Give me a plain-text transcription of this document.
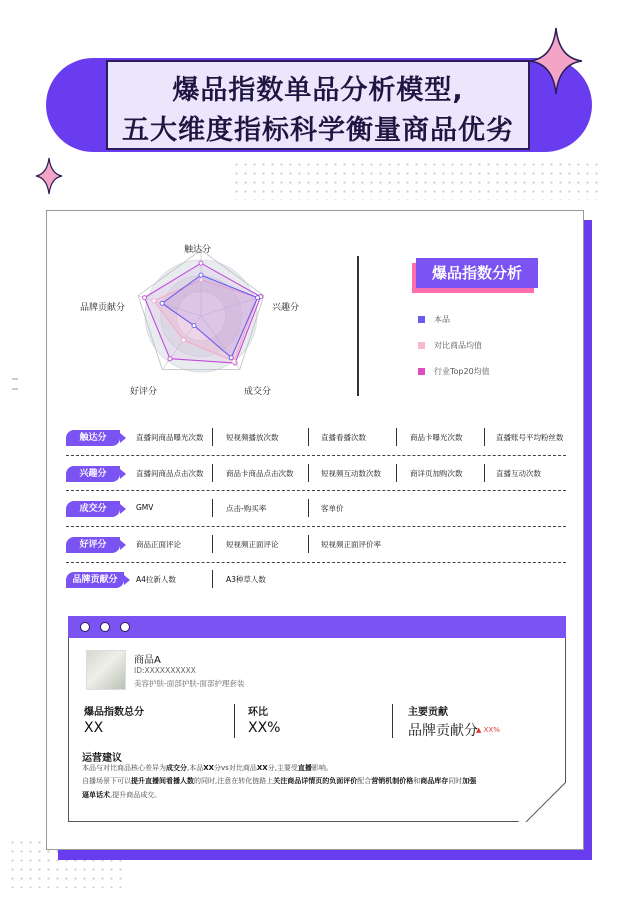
爆品指数单品分析模型,
五大维度指标科学衡量商品优劣
触达分
兴趣分
成交分
好评分
品牌贡献分
爆品指数分析
本品
对比商品均值
行业Top20均值
触达分	直播间商品曝光次数	短视频播放次数	直播看播次数	商品卡曝光次数	直播账号平均粉丝数
兴趣分	直播间商品点击次数	商品卡商品点击次数	短视频互动数次数	商详页加购次数	直播互动次数
成交分	GMV	点击-购买率	客单价
好评分	商品正面评论	短视频正面评论	短视频正面评价率
品牌贡献分	A4拉新人数	A3种草人数
商品A
ID:XXXXXXXXXX
美容护肤-面部护肤-面部护理套装
爆品指数总分
XX
环比
XX%
主要贡献
品牌贡献分
▲ XX%
运营建议
本品与对比商品核心差异为成交分,本品XX分vs对比商品XX分,主要受直播影响。
自播场景下可以提升直播间看播人数的同时,注意在转化链路上关注商品详情页的负面评价配合营销机制价格和商品库存同时加强
逼单话术,提升商品成交。
